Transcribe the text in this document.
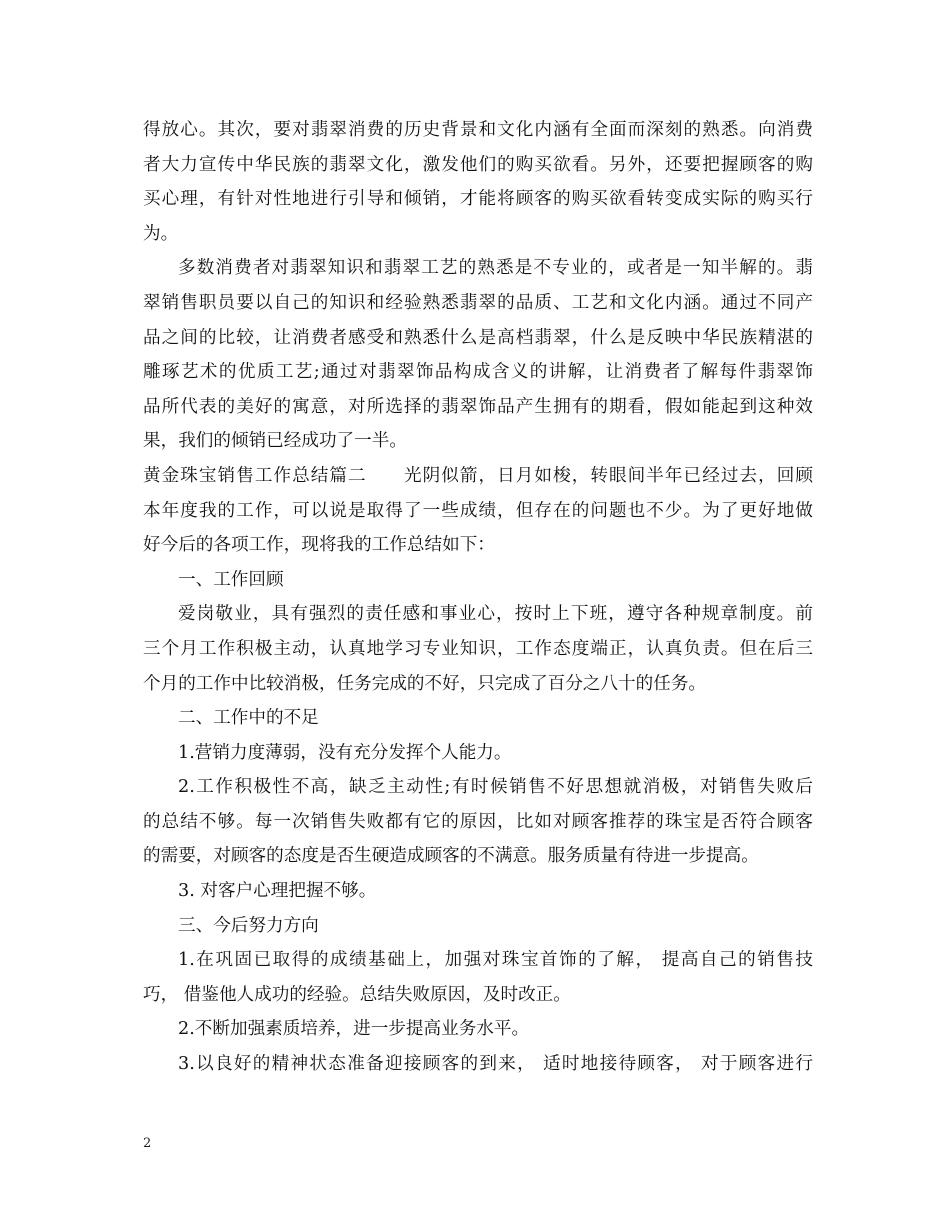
得放心。其次，要对翡翠消费的历史背景和文化内涵有全面而深刻的熟悉。向消费
者大力宣传中华民族的翡翠文化，激发他们的购买欲看。另外，还要把握顾客的购
买心理，有针对性地进行引导和倾销，才能将顾客的购买欲看转变成实际的购买行
为。
多数消费者对翡翠知识和翡翠工艺的熟悉是不专业的，或者是一知半解的。翡
翠销售职员要以自己的知识和经验熟悉翡翠的品质、工艺和文化内涵。通过不同产
品之间的比较，让消费者感受和熟悉什么是高档翡翠，什么是反映中华民族精湛的
雕琢艺术的优质工艺;通过对翡翠饰品构成含义的讲解，让消费者了解每件翡翠饰
品所代表的美好的寓意，对所选择的翡翠饰品产生拥有的期看，假如能起到这种效
果，我们的倾销已经成功了一半。
黄金珠宝销售工作总结篇二　　光阴似箭，日月如梭，转眼间半年已经过去，回顾
本年度我的工作，可以说是取得了一些成绩，但存在的问题也不少。为了更好地做
好今后的各项工作，现将我的工作总结如下：
一、工作回顾
爱岗敬业，具有强烈的责任感和事业心，按时上下班，遵守各种规章制度。前
三个月工作积极主动，认真地学习专业知识，工作态度端正，认真负责。但在后三
个月的工作中比较消极，任务完成的不好，只完成了百分之八十的任务。
二、工作中的不足
1.营销力度薄弱，没有充分发挥个人能力。
2.工作积极性不高，缺乏主动性;有时候销售不好思想就消极，对销售失败后
的总结不够。每一次销售失败都有它的原因，比如对顾客推荐的珠宝是否符合顾客
的需要，对顾客的态度是否生硬造成顾客的不满意。服务质量有待进一步提高。
3. 对客户心理把握不够。
三、今后努力方向
1.在巩固已取得的成绩基础上，加强对珠宝首饰的了解， 提高自己的销售技
巧， 借鉴他人成功的经验。总结失败原因，及时改正。
2.不断加强素质培养，进一步提高业务水平。
3.以良好的精神状态准备迎接顾客的到来， 适时地接待顾客， 对于顾客进行
2
